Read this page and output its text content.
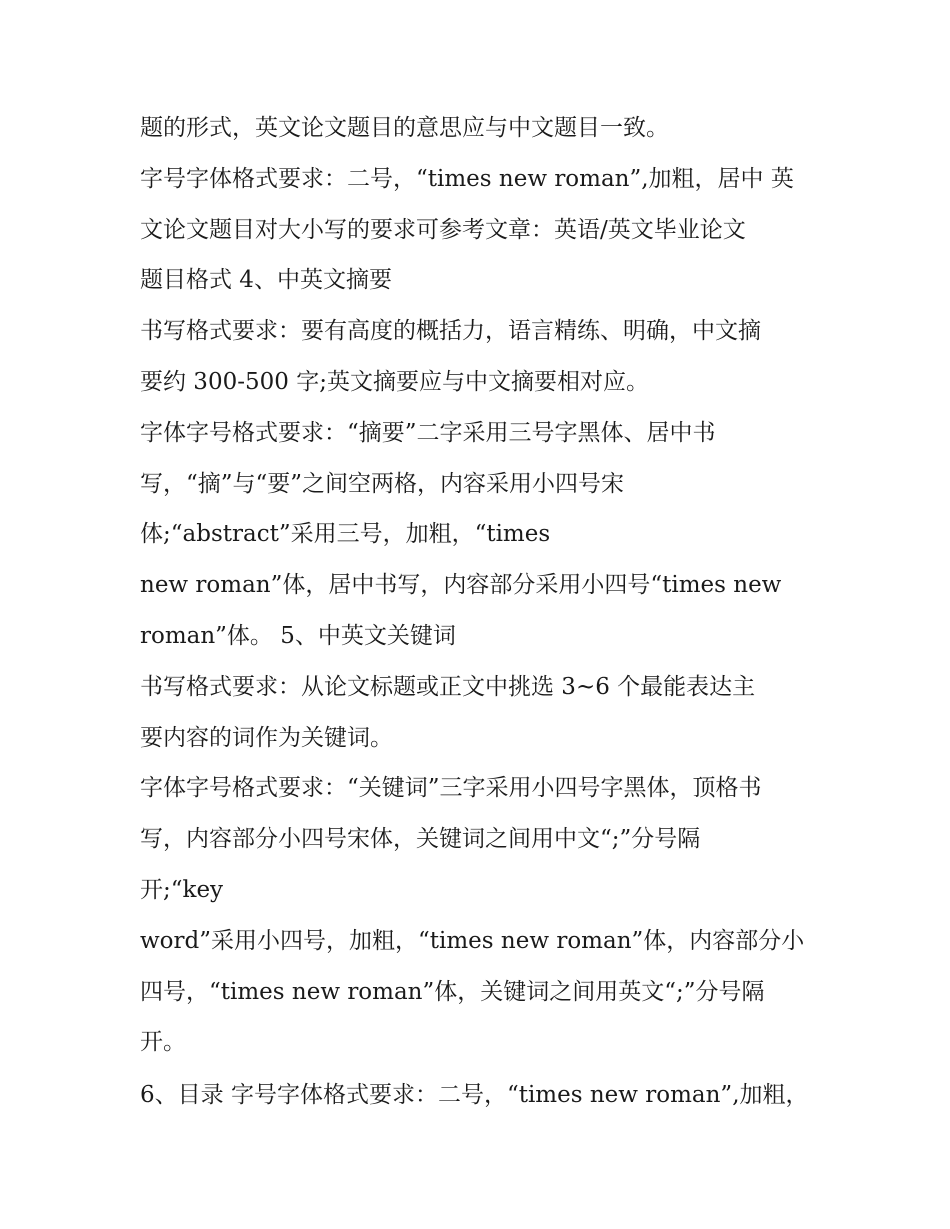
题的形式，英文论文题目的意思应与中文题目一致。

字号字体格式要求：二号，“times new roman”,加粗，居中 英

文论文题目对大小写的要求可参考文章：英语/英文毕业论文

题目格式 4、中英文摘要

书写格式要求：要有高度的概括力，语言精练、明确，中文摘

要约 300-500 字;英文摘要应与中文摘要相对应。

字体字号格式要求：“摘要”二字采用三号字黑体、居中书

写，“摘”与“要”之间空两格，内容采用小四号宋

体;“abstract”采用三号，加粗，“times

new roman”体，居中书写，内容部分采用小四号“times new

roman”体。 5、中英文关键词

书写格式要求：从论文标题或正文中挑选 3~6 个最能表达主

要内容的词作为关键词。

字体字号格式要求：“关键词”三字采用小四号字黑体，顶格书

写，内容部分小四号宋体，关键词之间用中文“;”分号隔

开;“key

word”采用小四号，加粗，“times new roman”体，内容部分小

四号，“times new roman”体，关键词之间用英文“;”分号隔

开。

6、目录 字号字体格式要求：二号，“times new roman”,加粗，
